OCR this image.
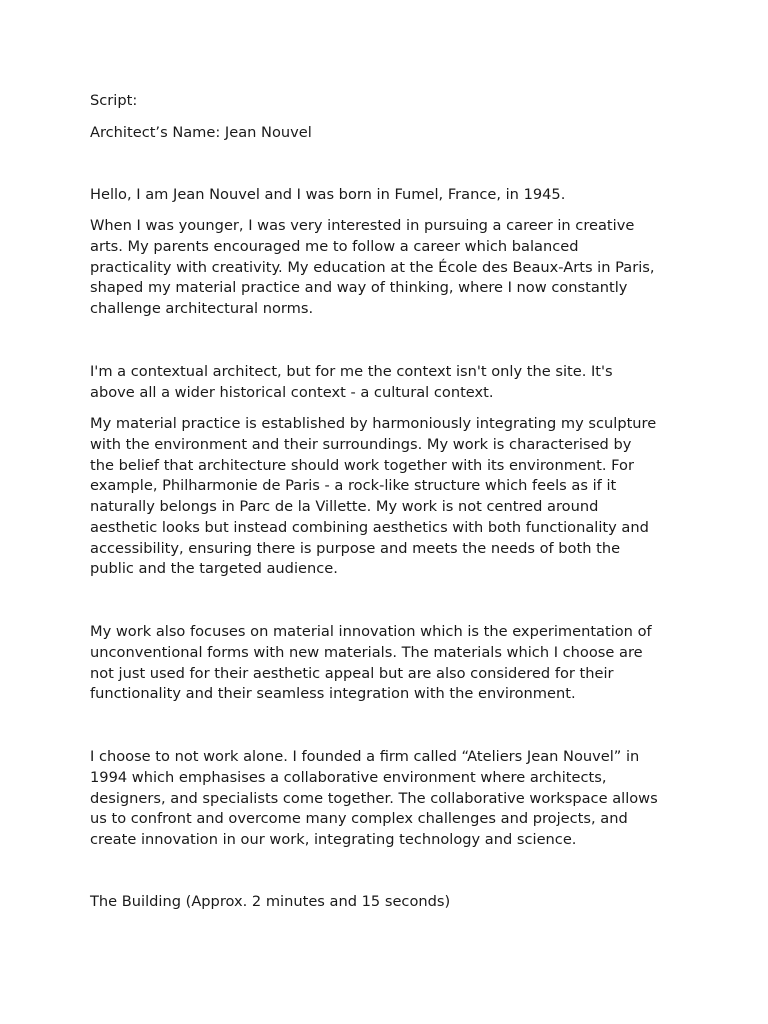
Script:

Architect’s Name: Jean Nouvel

Hello, I am Jean Nouvel and I was born in Fumel, France, in 1945.

When I was younger, I was very interested in pursuing a career in creative
arts. My parents encouraged me to follow a career which balanced
practicality with creativity. My education at the École des Beaux-Arts in Paris,
shaped my material practice and way of thinking, where I now constantly
challenge architectural norms.

I'm a contextual architect, but for me the context isn't only the site. It's
above all a wider historical context - a cultural context.

My material practice is established by harmoniously integrating my sculpture
with the environment and their surroundings. My work is characterised by
the belief that architecture should work together with its environment. For
example, Philharmonie de Paris - a rock-like structure which feels as if it
naturally belongs in Parc de la Villette. My work is not centred around
aesthetic looks but instead combining aesthetics with both functionality and
accessibility, ensuring there is purpose and meets the needs of both the
public and the targeted audience.

My work also focuses on material innovation which is the experimentation of
unconventional forms with new materials. The materials which I choose are
not just used for their aesthetic appeal but are also considered for their
functionality and their seamless integration with the environment.

I choose to not work alone. I founded a firm called “Ateliers Jean Nouvel” in
1994 which emphasises a collaborative environment where architects,
designers, and specialists come together. The collaborative workspace allows
us to confront and overcome many complex challenges and projects, and
create innovation in our work, integrating technology and science.

The Building (Approx. 2 minutes and 15 seconds)
